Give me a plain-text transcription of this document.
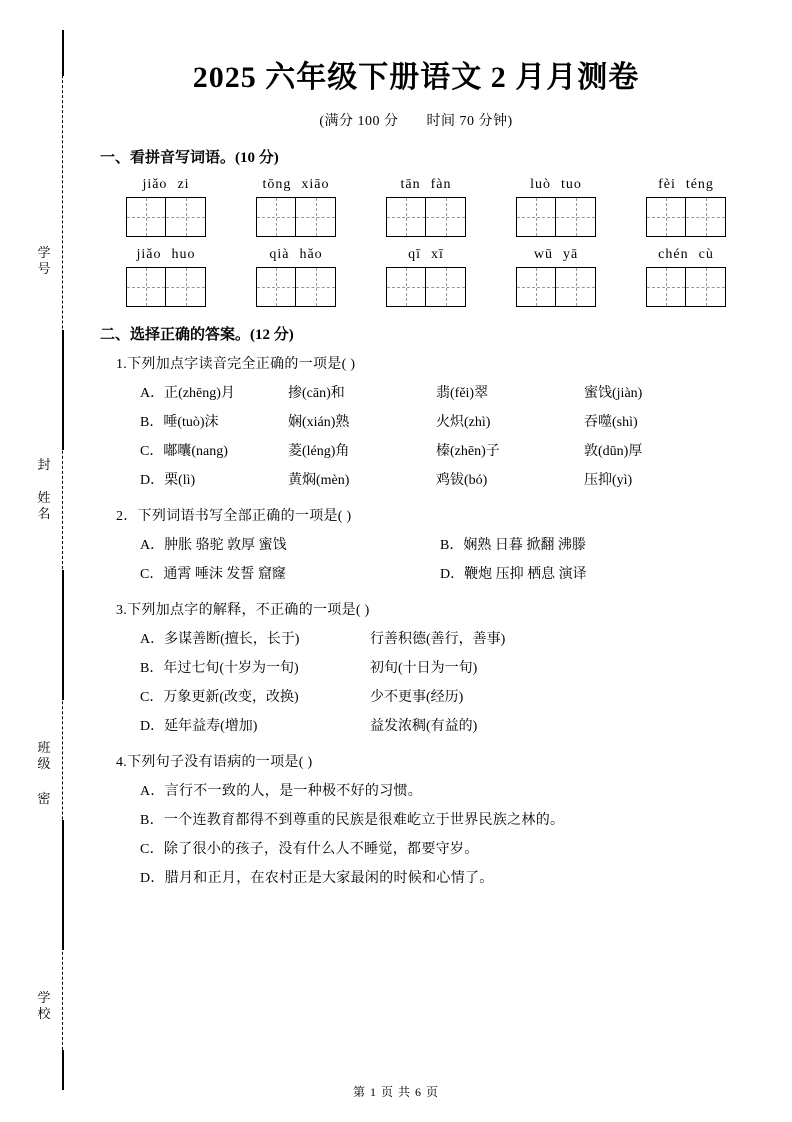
学
号
姓
名
封
班
级
密
学
校
2025 六年级下册语文 2 月月测卷
(满分 100 分 时间 70 分钟)
一、看拼音写词语。(10 分)
jiǎo zi	tōng xiāo	tān fàn	luò tuo	fèi téng
jiǎo huo	qià hǎo	qī xī	wū yā	chén cù
二、选择正确的答案。(12 分)
1.下列加点字读音完全正确的一项是( )
A．正(zhēng)月	掺(cān)和	翡(fěi)翠	蜜饯(jiàn)
B．唾(tuò)沫	娴(xián)熟	火炽(zhì)	吞噬(shì)
C．嘟囔(nang)	菱(léng)角	榛(zhēn)子	敦(dūn)厚
D．栗(lì)	黄焖(mèn)	鸡钹(bó)	压抑(yì)
2．下列词语书写全部正确的一项是( )
A．肿胀 骆驼 敦厚 蜜饯	B．娴熟 日暮 掀翻 沸滕
C．通霄 唾沫 发誓 窟窿	D．鞭炮 压抑 栖息 演译
3.下列加点字的解释，不正确的一项是( )
A．多谋善断(擅长，长于)	行善积德(善行，善事)
B．年过七旬(十岁为一旬)	初旬(十日为一旬)
C．万象更新(改变，改换)	少不更事(经历)
D．延年益寿(增加)	益发浓稠(有益的)
4.下列句子没有语病的一项是( )
A．言行不一致的人，是一种极不好的习惯。
B．一个连教育都得不到尊重的民族是很难屹立于世界民族之林的。
C．除了很小的孩子，没有什么人不睡觉，都要守岁。
D．腊月和正月，在农村正是大家最闲的时候和心情了。
第 1 页 共 6 页
